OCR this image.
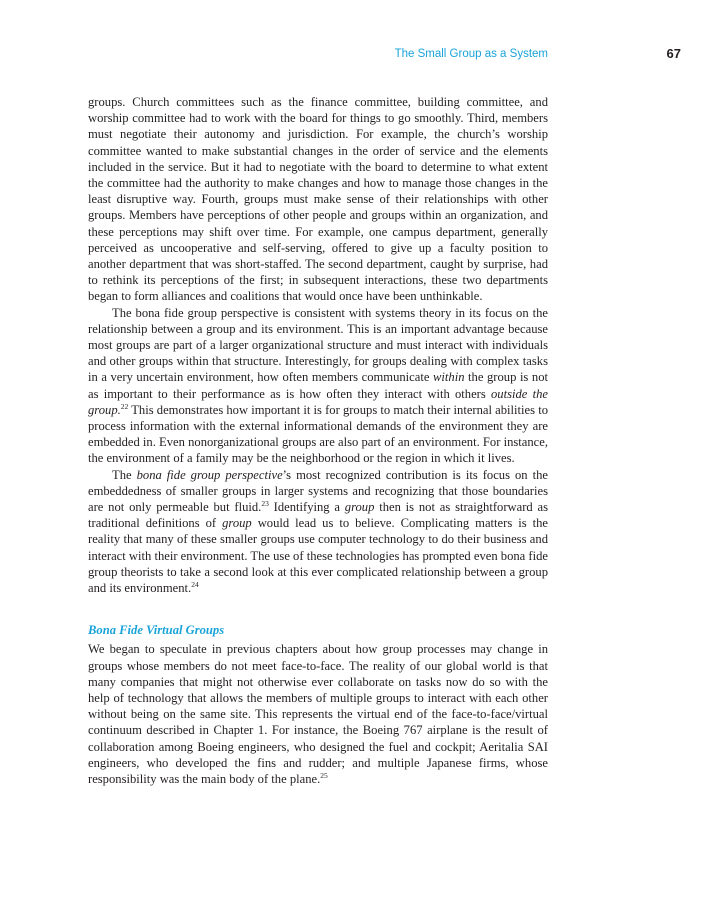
The Small Group as a System	67

groups. Church committees such as the finance committee, building committee, and worship committee had to work with the board for things to go smoothly. Third, members must negotiate their autonomy and jurisdiction. For example, the church’s worship committee wanted to make substantial changes in the order of service and the elements included in the service. But it had to negotiate with the board to determine to what extent the committee had the authority to make changes and how to manage those changes in the least disruptive way. Fourth, groups must make sense of their relationships with other groups. Members have perceptions of other people and groups within an organization, and these perceptions may shift over time. For example, one campus department, generally perceived as uncooperative and self-serving, offered to give up a faculty position to another department that was short-staffed. The second department, caught by surprise, had to rethink its perceptions of the first; in subsequent interactions, these two departments began to form alliances and coalitions that would once have been unthinkable.

The bona fide group perspective is consistent with systems theory in its focus on the relationship between a group and its environment. This is an important advantage because most groups are part of a larger organizational structure and must interact with individuals and other groups within that structure. Interestingly, for groups dealing with complex tasks in a very uncertain environment, how often members communicate within the group is not as important to their performance as is how often they interact with others outside the group.$^{22}$ This demonstrates how important it is for groups to match their internal abilities to process information with the external informational demands of the environment they are embedded in. Even nonorganizational groups are also part of an environment. For instance, the environment of a family may be the neighborhood or the region in which it lives.

The bona fide group perspective’s most recognized contribution is its focus on the embeddedness of smaller groups in larger systems and recognizing that those boundaries are not only permeable but fluid.$^{23}$ Identifying a group then is not as straightforward as traditional definitions of group would lead us to believe. Complicating matters is the reality that many of these smaller groups use computer technology to do their business and interact with their environment. The use of these technologies has prompted even bona fide group theorists to take a second look at this ever complicated relationship between a group and its environment.$^{24}$

Bona Fide Virtual Groups

We began to speculate in previous chapters about how group processes may change in groups whose members do not meet face-to-face. The reality of our global world is that many companies that might not otherwise ever collaborate on tasks now do so with the help of technology that allows the members of multiple groups to interact with each other without being on the same site. This represents the virtual end of the face-to-face/virtual continuum described in Chapter 1. For instance, the Boeing 767 airplane is the result of collaboration among Boeing engineers, who designed the fuel and cockpit; Aeritalia SAI engineers, who developed the fins and rudder; and multiple Japanese firms, whose responsibility was the main body of the plane.$^{25}$
